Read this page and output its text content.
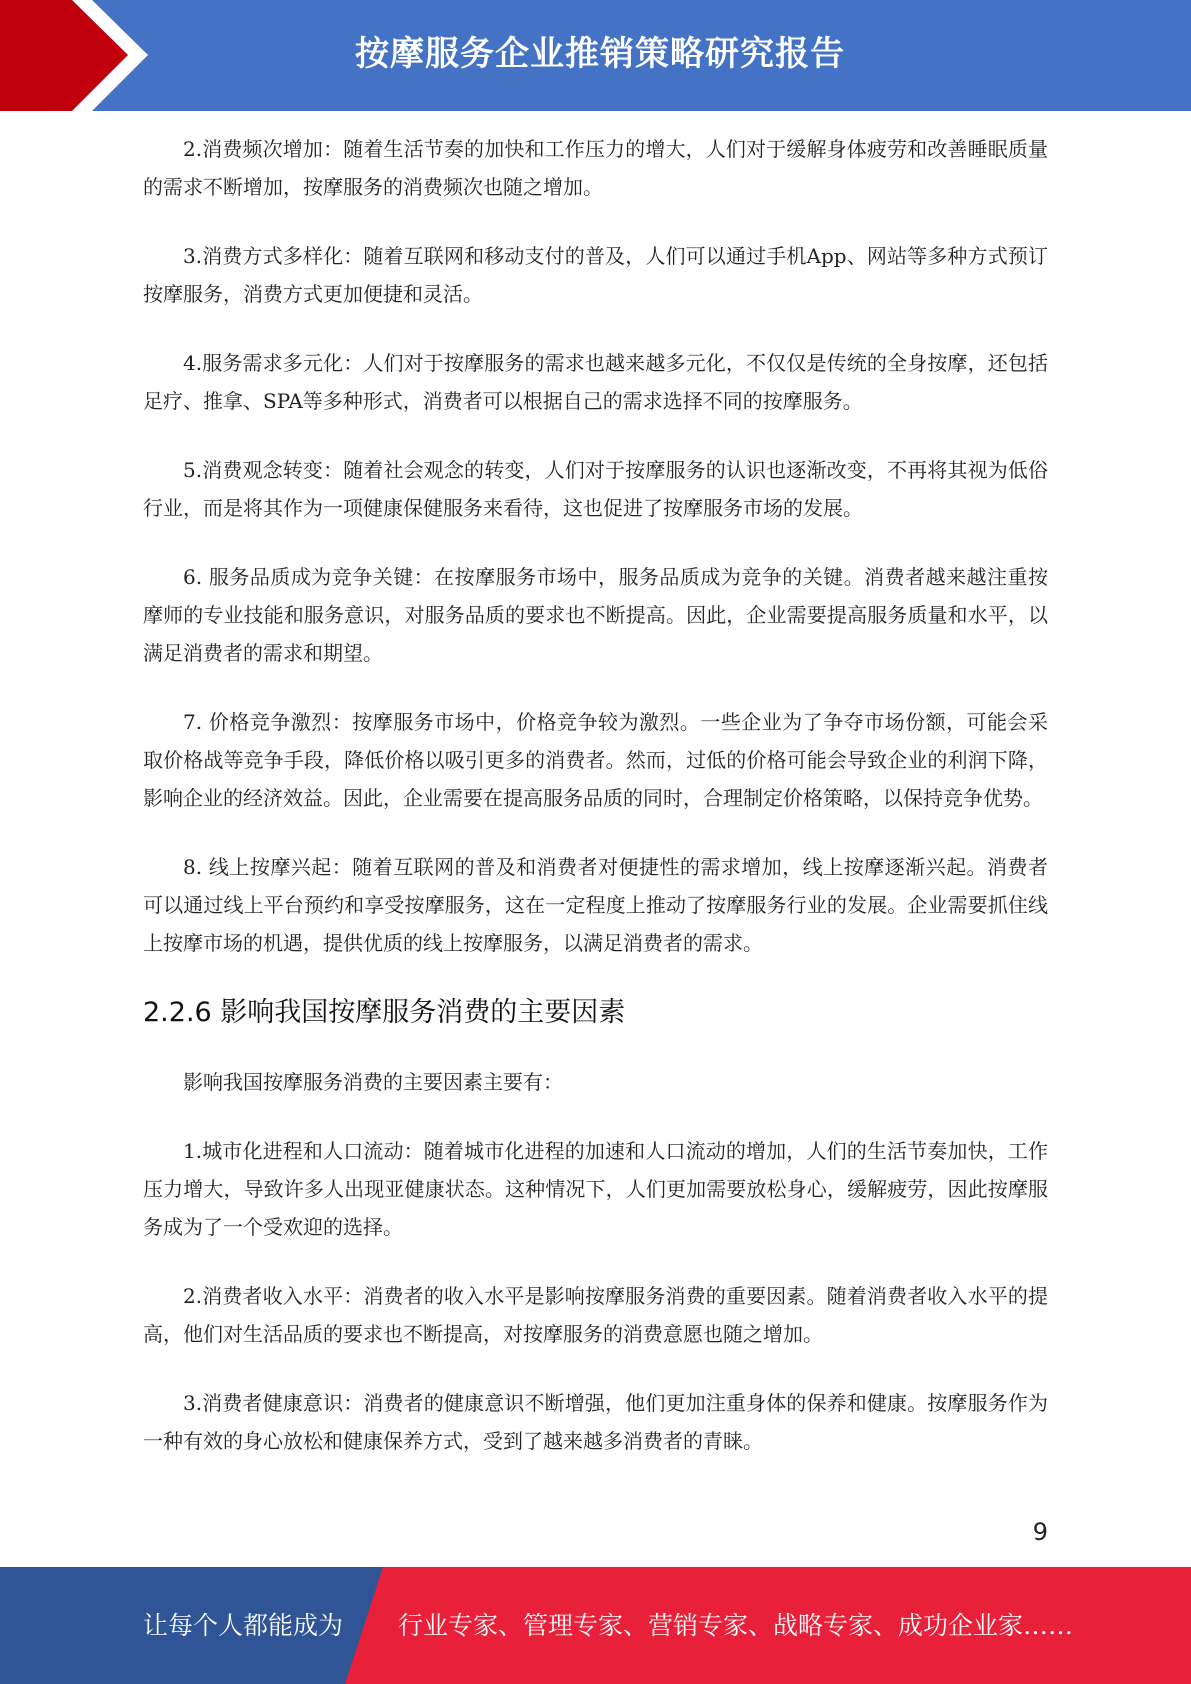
按摩服务企业推销策略研究报告

2.消费频次增加：随着生活节奏的加快和工作压力的增大，人们对于缓解身体疲劳和改善睡眠质量的需求不断增加，按摩服务的消费频次也随之增加。

3.消费方式多样化：随着互联网和移动支付的普及，人们可以通过手机App、网站等多种方式预订按摩服务，消费方式更加便捷和灵活。

4.服务需求多元化：人们对于按摩服务的需求也越来越多元化，不仅仅是传统的全身按摩，还包括足疗、推拿、SPA等多种形式，消费者可以根据自己的需求选择不同的按摩服务。

5.消费观念转变：随着社会观念的转变，人们对于按摩服务的认识也逐渐改变，不再将其视为低俗行业，而是将其作为一项健康保健服务来看待，这也促进了按摩服务市场的发展。

6. 服务品质成为竞争关键：在按摩服务市场中，服务品质成为竞争的关键。消费者越来越注重按摩师的专业技能和服务意识，对服务品质的要求也不断提高。因此，企业需要提高服务质量和水平，以满足消费者的需求和期望。

7. 价格竞争激烈：按摩服务市场中，价格竞争较为激烈。一些企业为了争夺市场份额，可能会采取价格战等竞争手段，降低价格以吸引更多的消费者。然而，过低的价格可能会导致企业的利润下降，影响企业的经济效益。因此，企业需要在提高服务品质的同时，合理制定价格策略，以保持竞争优势。

8. 线上按摩兴起：随着互联网的普及和消费者对便捷性的需求增加，线上按摩逐渐兴起。消费者可以通过线上平台预约和享受按摩服务，这在一定程度上推动了按摩服务行业的发展。企业需要抓住线上按摩市场的机遇，提供优质的线上按摩服务，以满足消费者的需求。

2.2.6 影响我国按摩服务消费的主要因素

影响我国按摩服务消费的主要因素主要有：

1.城市化进程和人口流动：随着城市化进程的加速和人口流动的增加，人们的生活节奏加快，工作压力增大，导致许多人出现亚健康状态。这种情况下，人们更加需要放松身心，缓解疲劳，因此按摩服务成为了一个受欢迎的选择。

2.消费者收入水平：消费者的收入水平是影响按摩服务消费的重要因素。随着消费者收入水平的提高，他们对生活品质的要求也不断提高，对按摩服务的消费意愿也随之增加。

3.消费者健康意识：消费者的健康意识不断增强，他们更加注重身体的保养和健康。按摩服务作为一种有效的身心放松和健康保养方式，受到了越来越多消费者的青睐。

9
让每个人都能成为 行业专家、管理专家、营销专家、战略专家、成功企业家……
